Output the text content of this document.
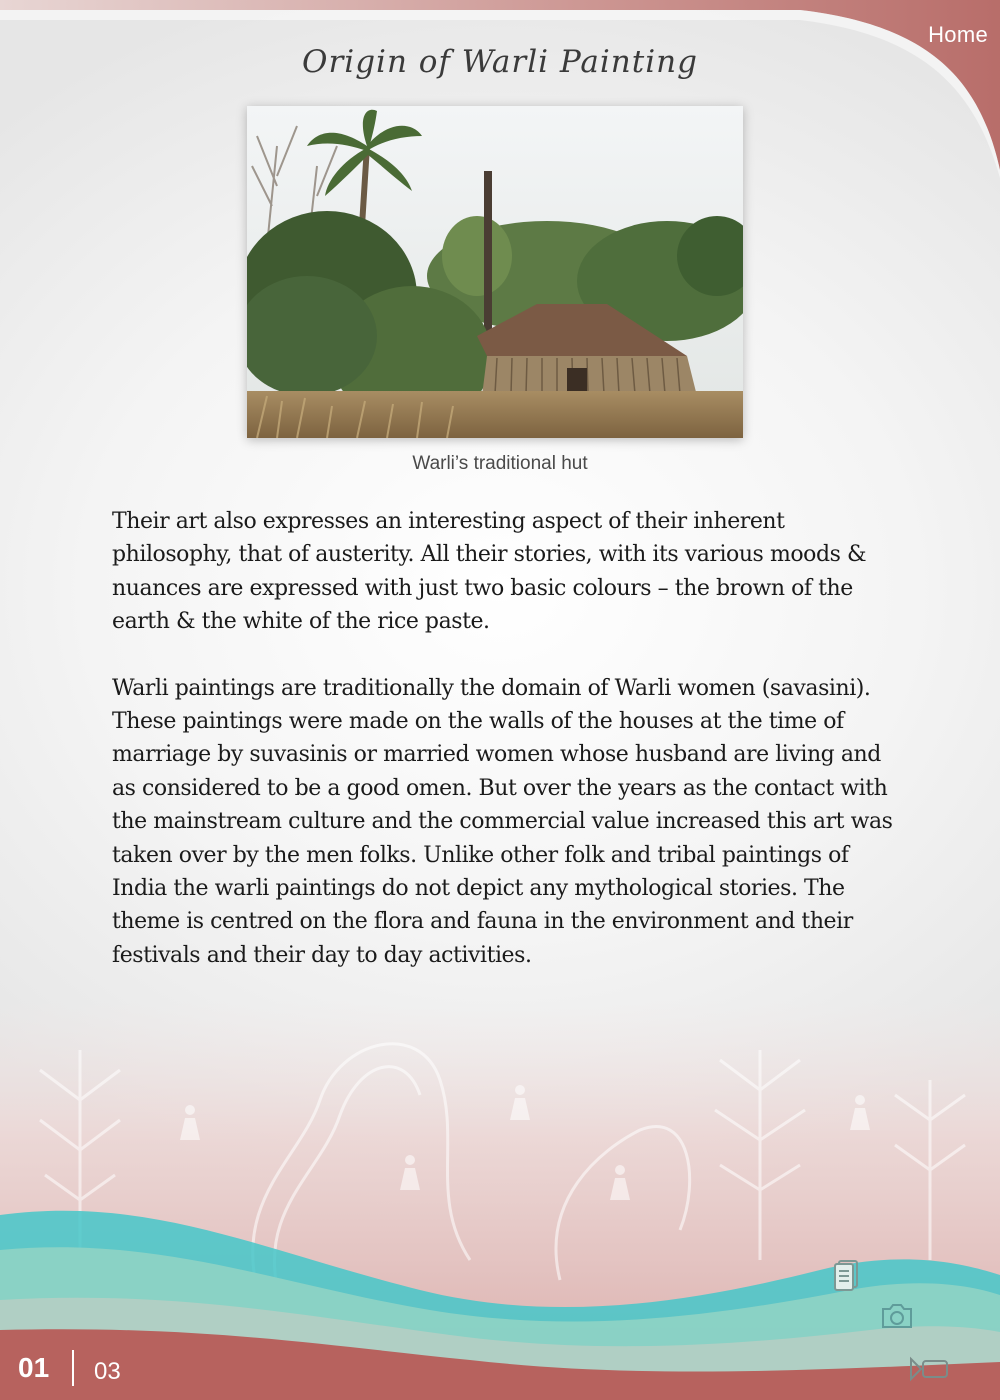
Home
Origin of Warli Painting
Warli’s traditional hut

Their art also expresses an interesting aspect of their inherent philosophy, that of austerity. All their stories, with its various moods & nuances are expressed with just two basic colours – the brown of the earth & the white of the rice paste.

Warli paintings are traditionally the domain of Warli women (savasini). These paintings were made on the walls of the houses at the time of marriage by suvasinis or married women whose husband are living and as considered to be a good omen. But over the years as the contact with the mainstream culture and the commercial value increased this art was taken over by the men folks. Unlike other folk and tribal paintings of India the warli paintings do not depict any mythological stories. The theme is centred on the flora and fauna in the environment and their festivals and their day to day activities.

01 03
